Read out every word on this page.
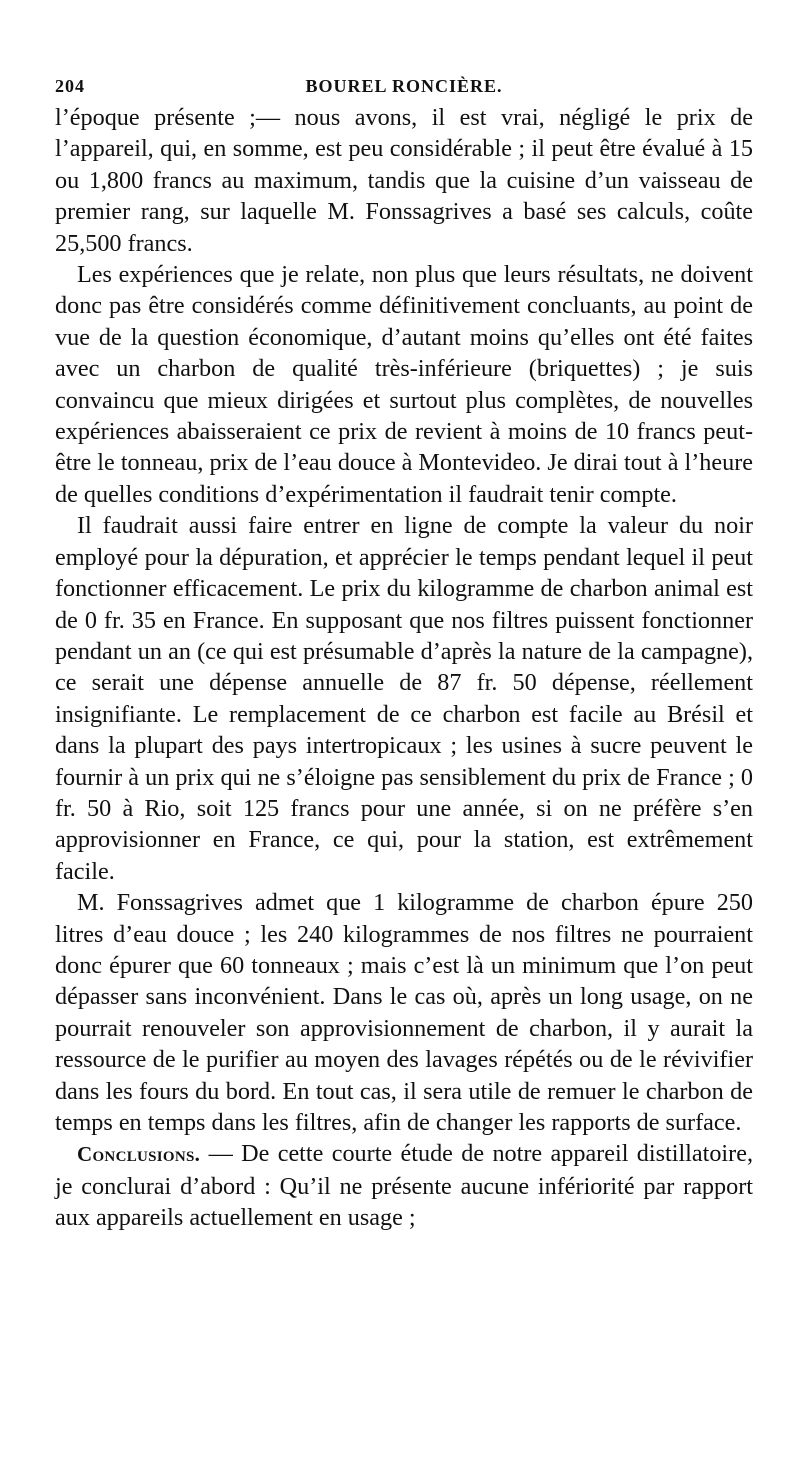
204	BOUREL RONCIÈRE.

l’époque présente ;— nous avons, il est vrai, négligé le prix de l’appareil, qui, en somme, est peu considérable ; il peut être évalué à 15 ou 1,800 francs au maximum, tandis que la cuisine d’un vaisseau de premier rang, sur laquelle M. Fonssagrives a basé ses calculs, coûte 25,500 francs.

Les expériences que je relate, non plus que leurs résultats, ne doivent donc pas être considérés comme définitivement concluants, au point de vue de la question économique, d’autant moins qu’elles ont été faites avec un charbon de qualité très-inférieure (briquettes) ; je suis convaincu que mieux dirigées et surtout plus complètes, de nouvelles expériences abaisseraient ce prix de revient à moins de 10 francs peut-être le tonneau, prix de l’eau douce à Montevideo. Je dirai tout à l’heure de quelles conditions d’expérimentation il faudrait tenir compte.

Il faudrait aussi faire entrer en ligne de compte la valeur du noir employé pour la dépuration, et apprécier le temps pendant lequel il peut fonctionner efficacement. Le prix du kilogramme de charbon animal est de 0 fr. 35 en France. En supposant que nos filtres puissent fonctionner pendant un an (ce qui est présumable d’après la nature de la campagne), ce serait une dépense annuelle de 87 fr. 50 dépense, réellement insignifiante. Le remplacement de ce charbon est facile au Brésil et dans la plupart des pays intertropicaux ; les usines à sucre peuvent le fournir à un prix qui ne s’éloigne pas sensiblement du prix de France ; 0 fr. 50 à Rio, soit 125 francs pour une année, si on ne préfère s’en approvisionner en France, ce qui, pour la station, est extrêmement facile.

M. Fonssagrives admet que 1 kilogramme de charbon épure 250 litres d’eau douce ; les 240 kilogrammes de nos filtres ne pourraient donc épurer que 60 tonneaux ; mais c’est là un minimum que l’on peut dépasser sans inconvénient. Dans le cas où, après un long usage, on ne pourrait renouveler son approvisionnement de charbon, il y aurait la ressource de le purifier au moyen des lavages répétés ou de le révivifier dans les fours du bord. En tout cas, il sera utile de remuer le charbon de temps en temps dans les filtres, afin de changer les rapports de surface.

Conclusions. — De cette courte étude de notre appareil distillatoire, je conclurai d’abord : Qu’il ne présente aucune infériorité par rapport aux appareils actuellement en usage ;
